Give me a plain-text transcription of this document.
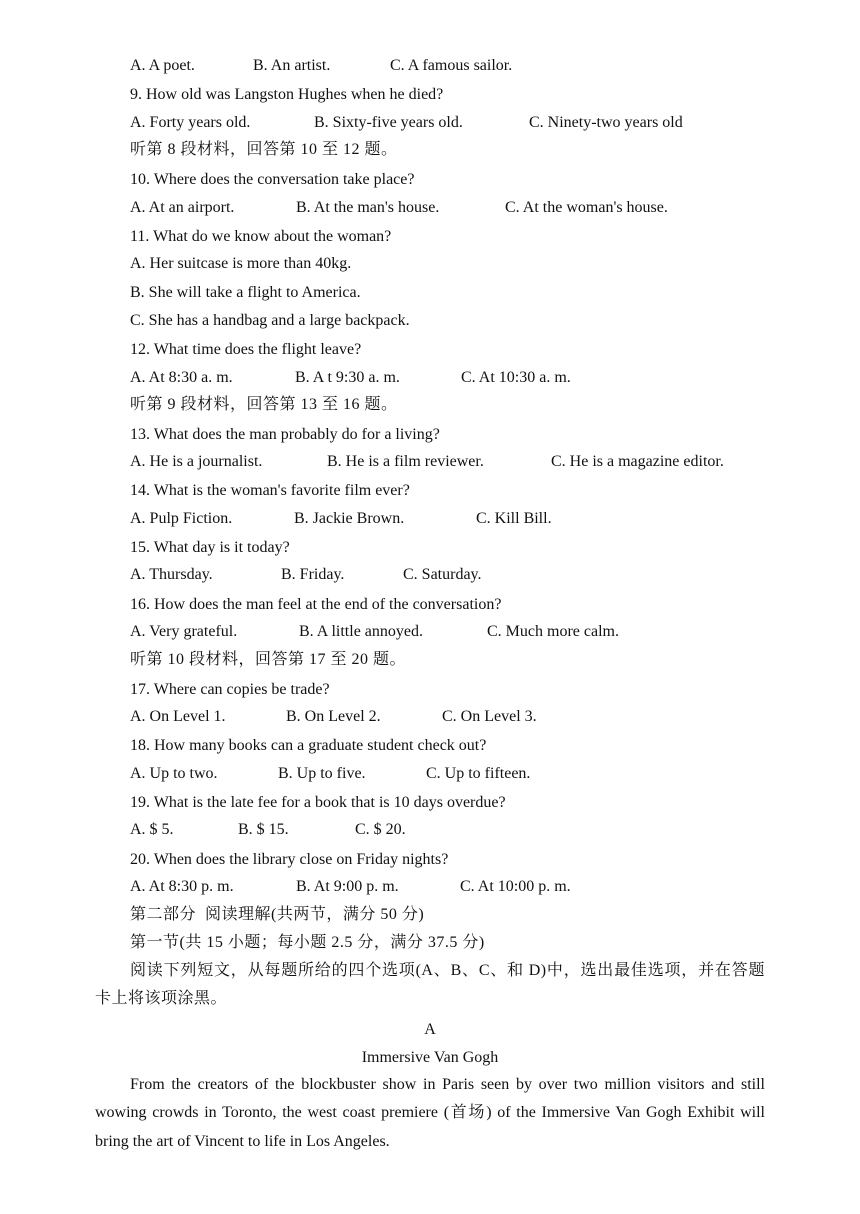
A. A poet.	B. An artist.	C. A famous sailor.
9. How old was Langston Hughes when he died?
A. Forty years old.	B. Sixty-five years old.	C. Ninety-two years old
听第 8 段材料，回答第 10 至 12 题。
10. Where does the conversation take place?
A. At an airport.	B. At the man's house.	C. At the woman's house.
11. What do we know about the woman?
A. Her suitcase is more than 40kg.
B. She will take a flight to America.
C. She has a handbag and a large backpack.
12. What time does the flight leave?
A. At 8:30 a. m.	B. A t 9:30 a. m.	C. At 10:30 a. m.
听第 9 段材料，回答第 13 至 16 题。
13. What does the man probably do for a living?
A. He is a journalist.	B. He is a film reviewer.	C. He is a magazine editor.
14. What is the woman's favorite film ever?
A. Pulp Fiction.	B. Jackie Brown.	C. Kill Bill.
15. What day is it today?
A. Thursday.	B. Friday.	C. Saturday.
16. How does the man feel at the end of the conversation?
A. Very grateful.	B. A little annoyed.	C. Much more calm.
听第 10 段材料，回答第 17 至 20 题。
17. Where can copies be trade?
A. On Level 1.	B. On Level 2.	C. On Level 3.
18. How many books can a graduate student check out?
A. Up to two.	B. Up to five.	C. Up to fifteen.
19. What is the late fee for a book that is 10 days overdue?
A. $ 5.	B. $ 15.	C. $ 20.
20. When does the library close on Friday nights?
A. At 8:30 p. m.	B. At 9:00 p. m.	C. At 10:00 p. m.
第二部分  阅读理解(共两节，满分 50 分)
第一节(共 15 小题；每小题 2.5 分，满分 37.5 分)
阅读下列短文，从每题所给的四个选项(A、B、C、和 D)中，选出最佳选项，并在答题卡上将该项涂黑。
A
Immersive Van Gogh
From the creators of the blockbuster show in Paris seen by over two million visitors and still wowing crowds in Toronto, the west coast premiere (首场) of the Immersive Van Gogh Exhibit will bring the art of Vincent to life in Los Angeles.
